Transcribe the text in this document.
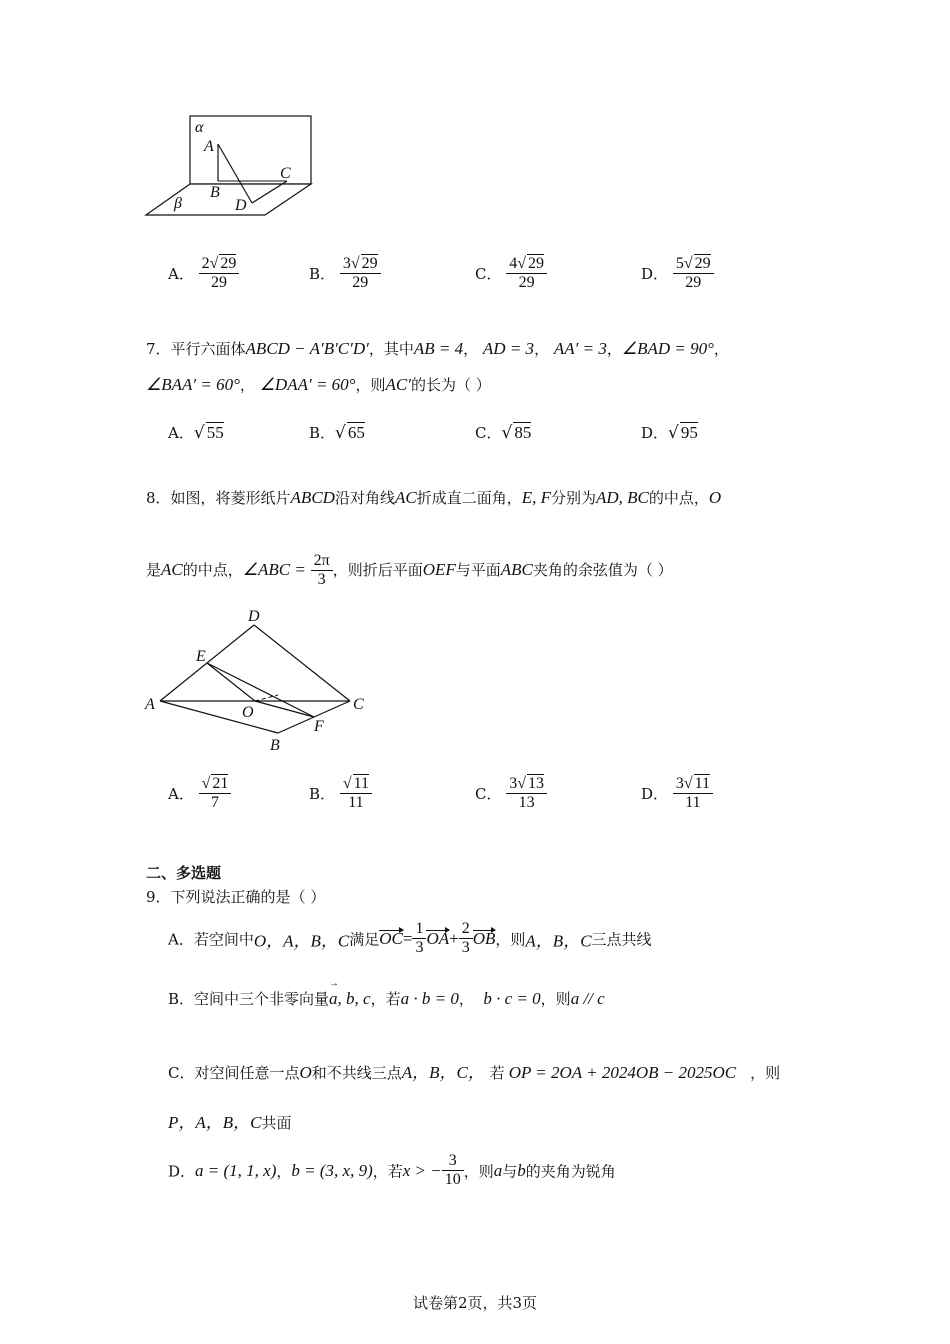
α
A
C
B
β	D
A． $\frac{2√ 29}{29}$	B． $\frac{3√ 29}{29}$	C． $\frac{4√ 29}{29}$	D． $\frac{5√ 29}{29}$
7．平行六面体ABCD − A′B′C′D′，其中AB = 4， AD = 3， AA′ = 3，∠BAD = 90°，
∠BAA′ = 60°， ∠DAA′ = 60°，则AC′的长为（ ）
A．√ 55	B．√ 65	C．√ 85	D．√ 95
8．如图，将菱形纸片ABCD沿对角线AC折成直二面角，E, F分别为AD, BC的中点，O
是AC的中点，∠ABC = $\frac{2\pi}{3}$ ，则折后平面OEF与平面ABC夹角的余弦值为（ ）
D
E
A	O	C
F
B
A． $\frac{√ 21}{7}$	B． $\frac{√ 11}{11}$	C． $\frac{3√ 13}{13}$	D． $\frac{3√ 11}{11}$
二、多选题
9．下列说法正确的是（ ）
A．若空间中O，A，B，C满足$OC= \frac{1}{3} OA+ \frac{2}{3}$ OB，则A，B，C三点共线
B．空间中三个非零向量→ a, b, c，若a · b = 0， b · c = 0，则a // c
C．对空间任意一点O和不共线三点A，B，C， 若 OP = 2OA + 2024OB − 2025OC ，则
P，A，B，C共面
D．a = (1, 1, x)，b = (3, x, 9)，若x > − $\frac{3}{10}$ ，则a与b的夹角为锐角
试卷第2页，共3页
